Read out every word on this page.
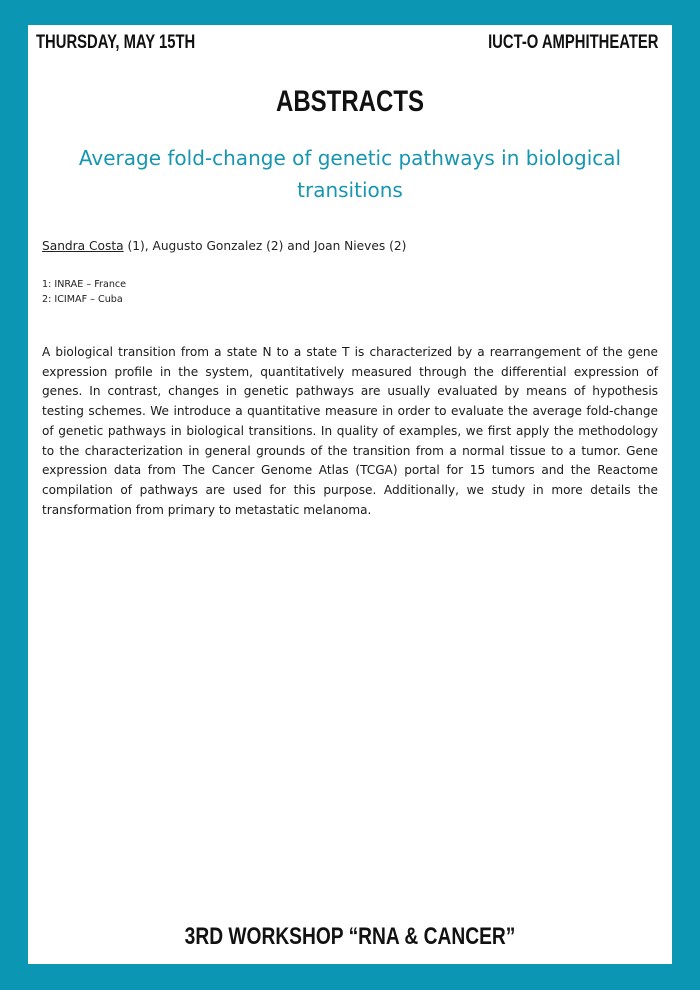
THURSDAY, MAY 15TH	IUCT-O AMPHITHEATER
ABSTRACTS
Average fold-change of genetic pathways in biological transitions
Sandra Costa (1), Augusto Gonzalez (2) and Joan Nieves (2)
1: INRAE – France
2: ICIMAF – Cuba

A biological transition from a state N to a state T is characterized by a rearrangement of the gene expression profile in the system, quantitatively measured through the differential expression of genes. In contrast, changes in genetic pathways are usually evaluated by means of hypothesis testing schemes. We introduce a quantitative measure in order to evaluate the average fold-change of genetic pathways in biological transitions. In quality of examples, we first apply the methodology to the characterization in general grounds of the transition from a normal tissue to a tumor. Gene expression data from The Cancer Genome Atlas (TCGA) portal for 15 tumors and the Reactome compilation of pathways are used for this purpose. Additionally, we study in more details the transformation from primary to metastatic melanoma.

3RD WORKSHOP “RNA & CANCER”
